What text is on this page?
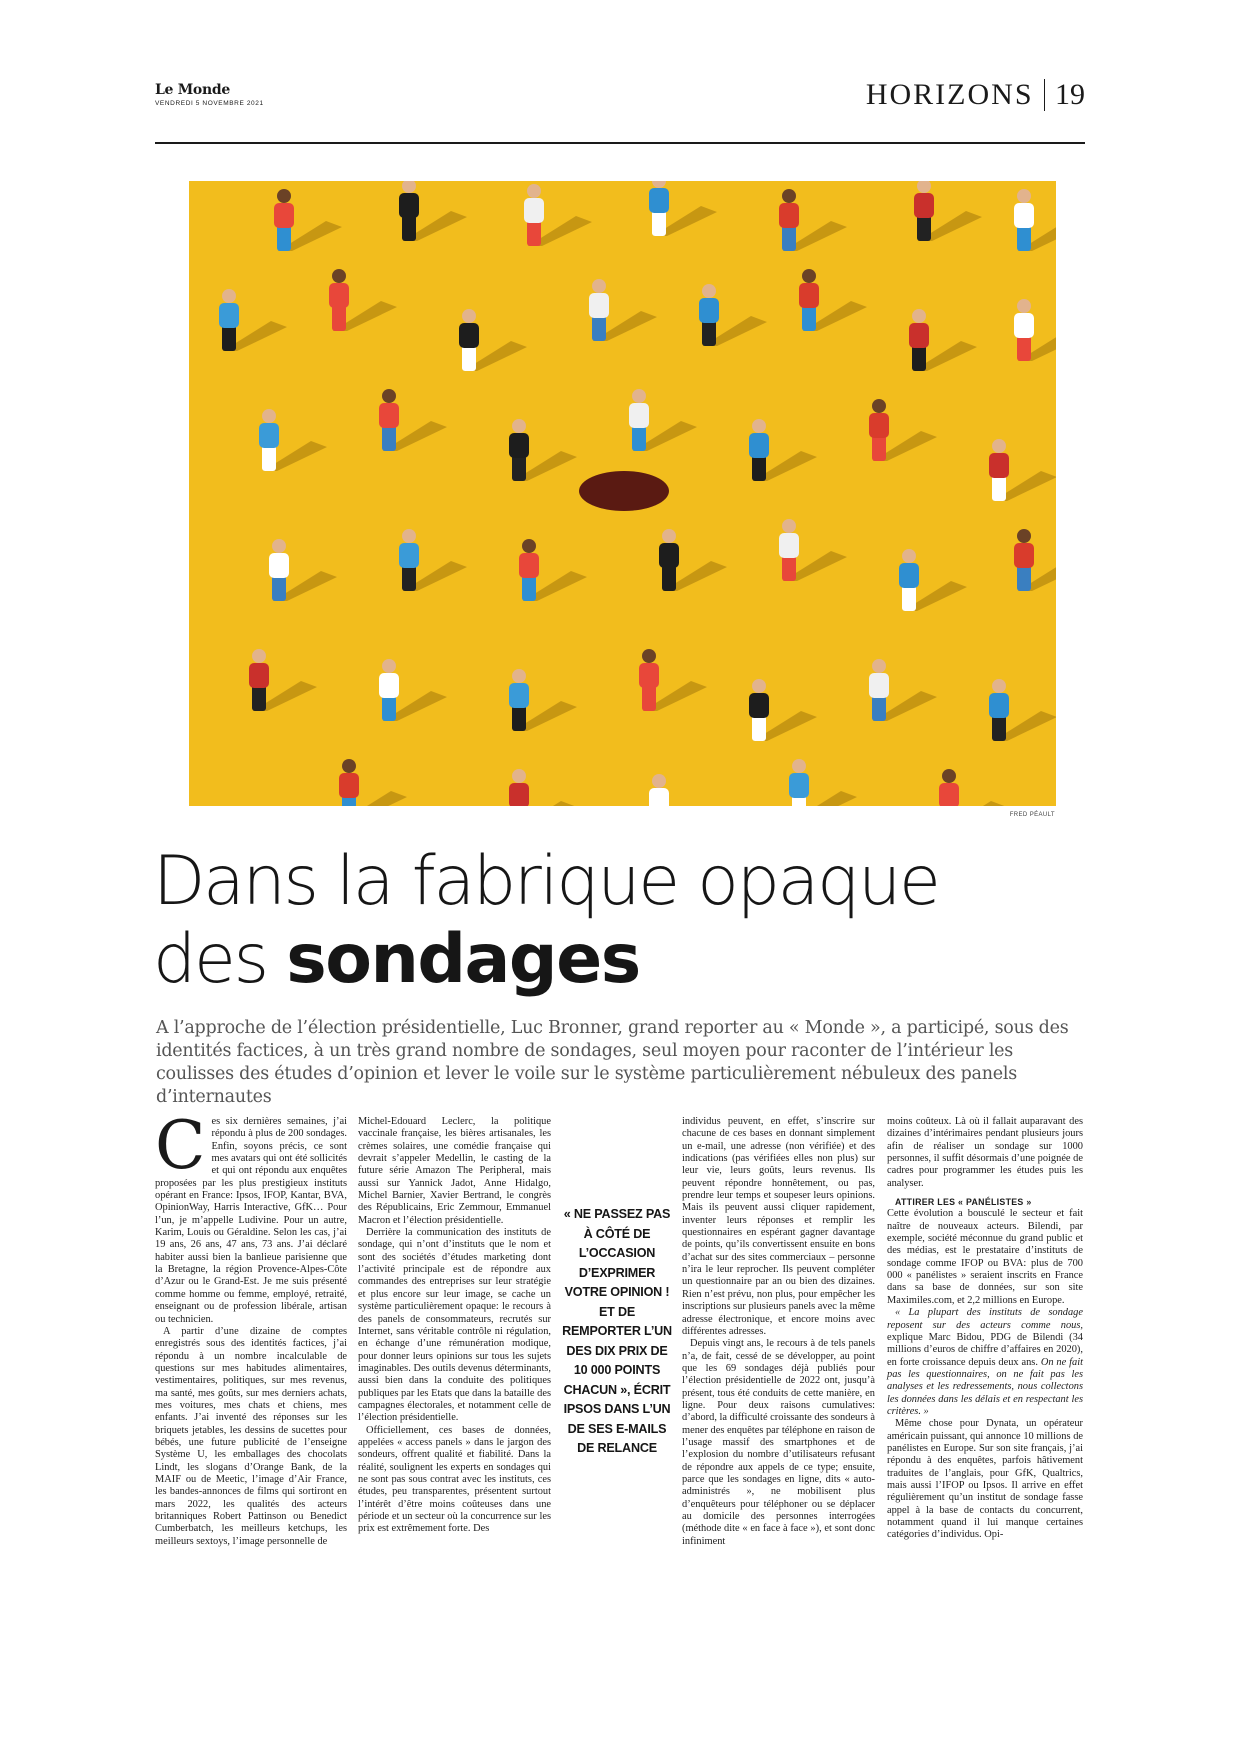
Le Monde
VENDREDI 5 NOVEMBRE 2021	HORIZONS 19
FRED PÉAULT
Dans la fabrique opaque
des sondages
A l’approche de l’élection présidentielle, Luc Bronner, grand reporter au « Monde », a participé, sous des identités factices, à un très grand nombre de sondages, seul moyen pour raconter de l’intérieur les coulisses des études d’opinion et lever le voile sur le système particulièrement nébuleux des panels d’internautes
C es six dernières semaines, j’ai répondu à plus de 200 sondages. Enfin, soyons précis, ce sont mes avatars qui ont été sollicités et qui ont répondu aux enquêtes proposées par les plus prestigieux instituts opérant en France: Ipsos, IFOP, Kantar, BVA, OpinionWay, Harris Interactive, GfK… Pour l’un, je m’appelle Ludivine. Pour un autre, Karim, Louis ou Géraldine. Selon les cas, j’ai 19 ans, 26 ans, 47 ans, 73 ans. J’ai déclaré habiter aussi bien la banlieue parisienne que la Bretagne, la région Provence-Alpes-Côte d’Azur ou le Grand-Est. Je me suis présenté comme homme ou femme, employé, retraité, enseignant ou de profession libérale, artisan ou technicien.

A partir d’une dizaine de comptes enregistrés sous des identités factices, j’ai répondu à un nombre incalculable de questions sur mes habitudes alimentaires, vestimentaires, politiques, sur mes revenus, ma santé, mes goûts, sur mes derniers achats, mes voitures, mes chats et chiens, mes enfants. J’ai inventé des réponses sur les briquets jetables, les dessins de sucettes pour bébés, une future publicité de l’enseigne Système U, les emballages des chocolats Lindt, les slogans d’Orange Bank, de la MAIF ou de Meetic, l’image d’Air France, les bandes-annonces de films qui sortiront en mars 2022, les qualités des acteurs britanniques Robert Pattinson ou Benedict Cumberbatch, les meilleurs ketchups, les meilleurs sextoys, l’image personnelle de

Michel-Edouard Leclerc, la politique vaccinale française, les bières artisanales, les crèmes solaires, une comédie française qui devrait s’appeler Medellin, le casting de la future série Amazon The Peripheral, mais aussi sur Yannick Jadot, Anne Hidalgo, Michel Barnier, Xavier Bertrand, le congrès des Républicains, Eric Zemmour, Emmanuel Macron et l’élection présidentielle.

Derrière la communication des instituts de sondage, qui n’ont d’instituts que le nom et sont des sociétés d’études marketing dont l’activité principale est de répondre aux commandes des entreprises sur leur stratégie et plus encore sur leur image, se cache un système particulièrement opaque: le recours à des panels de consommateurs, recrutés sur Internet, sans véritable contrôle ni régulation, en échange d’une rémunération modique, pour donner leurs opinions sur tous les sujets imaginables. Des outils devenus déterminants, aussi bien dans la conduite des politiques publiques par les Etats que dans la bataille des campagnes électorales, et notamment celle de l’élection présidentielle.

Officiellement, ces bases de données, appelées « access panels » dans le jargon des sondeurs, offrent qualité et fiabilité. Dans la réalité, soulignent les experts en sondages qui ne sont pas sous contrat avec les instituts, ces études, peu transparentes, présentent surtout l’intérêt d’être moins coûteuses dans une période et un secteur où la concurrence sur les prix est extrêmement forte. Des

« NE PASSEZ PAS À CÔTÉ DE L’OCCASION D’EXPRIMER VOTRE OPINION ! ET DE REMPORTER L’UN DES DIX PRIX DE 10 000 POINTS CHACUN », ÉCRIT IPSOS DANS L’UN DE SES E-MAILS DE RELANCE

individus peuvent, en effet, s’inscrire sur chacune de ces bases en donnant simplement un e-mail, une adresse (non vérifiée) et des indications (pas vérifiées elles non plus) sur leur vie, leurs goûts, leurs revenus. Ils peuvent répondre honnêtement, ou pas, prendre leur temps et soupeser leurs opinions. Mais ils peuvent aussi cliquer rapidement, inventer leurs réponses et remplir les questionnaires en espérant gagner davantage de points, qu’ils convertissent ensuite en bons d’achat sur des sites commerciaux – personne n’ira le leur reprocher. Ils peuvent compléter un questionnaire par an ou bien des dizaines. Rien n’est prévu, non plus, pour empêcher les inscriptions sur plusieurs panels avec la même adresse électronique, et encore moins avec différentes adresses.

Depuis vingt ans, le recours à de tels panels n’a, de fait, cessé de se développer, au point que les 69 sondages déjà publiés pour l’élection présidentielle de 2022 ont, jusqu’à présent, tous été conduits de cette manière, en ligne. Pour deux raisons cumulatives: d’abord, la difficulté croissante des sondeurs à mener des enquêtes par téléphone en raison de l’usage massif des smartphones et de l’explosion du nombre d’utilisateurs refusant de répondre aux appels de ce type; ensuite, parce que les sondages en ligne, dits « auto-administrés », ne mobilisent plus d’enquêteurs pour téléphoner ou se déplacer au domicile des personnes interrogées (méthode dite « en face à face »), et sont donc infiniment

moins coûteux. Là où il fallait auparavant des dizaines d’intérimaires pendant plusieurs jours afin de réaliser un sondage sur 1000 personnes, il suffit désormais d’une poignée de cadres pour programmer les études puis les analyser.

ATTIRER LES « PANÉLISTES »

Cette évolution a bousculé le secteur et fait naître de nouveaux acteurs. Bilendi, par exemple, société méconnue du grand public et des médias, est le prestataire d’instituts de sondage comme IFOP ou BVA: plus de 700 000 « panélistes » seraient inscrits en France dans sa base de données, sur son site Maximiles.com, et 2,2 millions en Europe.

« La plupart des instituts de sondage reposent sur des acteurs comme nous, explique Marc Bidou, PDG de Bilendi (34 millions d’euros de chiffre d’affaires en 2020), en forte croissance depuis deux ans. On ne fait pas les questionnaires, on ne fait pas les analyses et les redressements, nous collectons les données dans les délais et en respectant les critères. »

Même chose pour Dynata, un opérateur américain puissant, qui annonce 10 millions de panélistes en Europe. Sur son site français, j’ai répondu à des enquêtes, parfois hâtivement traduites de l’anglais, pour GfK, Qualtrics, mais aussi l’IFOP ou Ipsos. Il arrive en effet régulièrement qu’un institut de sondage fasse appel à la base de contacts du concurrent, notamment quand il lui manque certaines catégories d’individus. Opi-
